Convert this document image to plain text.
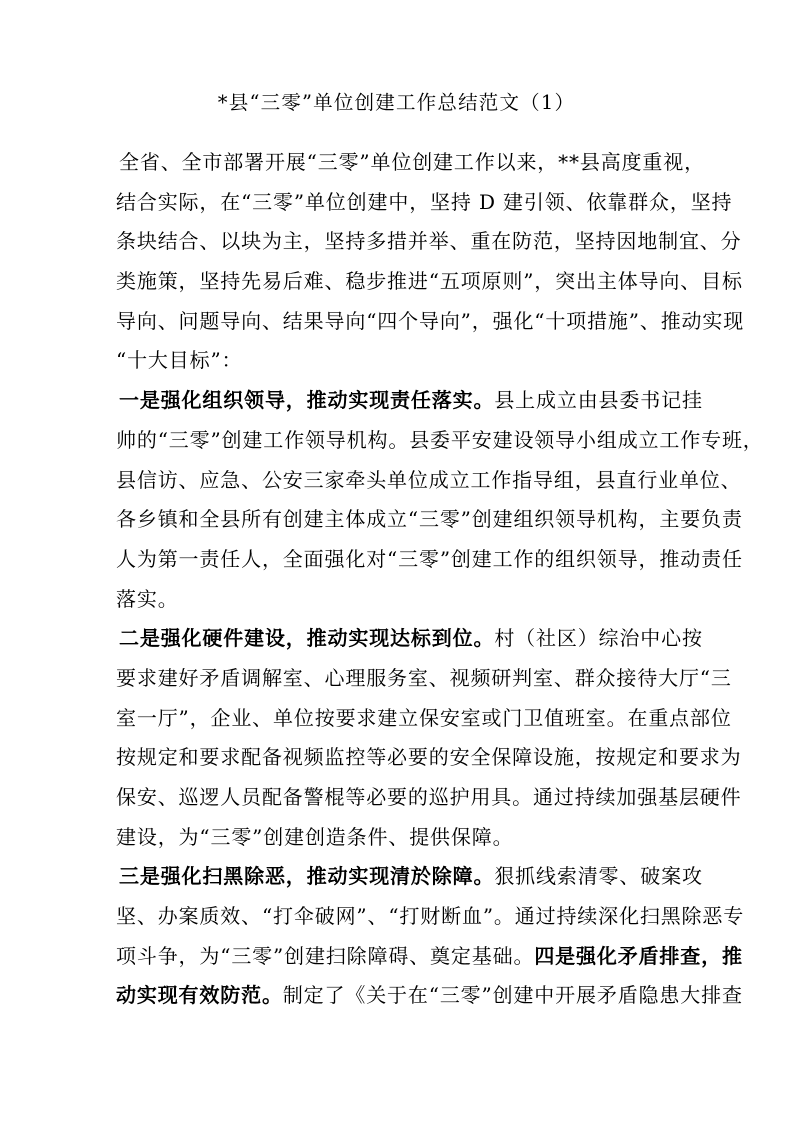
*县“三零”单位创建工作总结范文（1）
全省、全市部署开展“三零”单位创建工作以来，**县高度重视，
结合实际，在“三零”单位创建中，坚持 D 建引领、依靠群众，坚持
条块结合、以块为主，坚持多措并举、重在防范，坚持因地制宜、分
类施策，坚持先易后难、稳步推进“五项原则”，突出主体导向、目标
导向、问题导向、结果导向“四个导向”，强化“十项措施”、推动实现
“十大目标”：
一是强化组织领导，推动实现责任落实。县上成立由县委书记挂
帅的“三零”创建工作领导机构。县委平安建设领导小组成立工作专班，
县信访、应急、公安三家牵头单位成立工作指导组，县直行业单位、
各乡镇和全县所有创建主体成立“三零”创建组织领导机构，主要负责
人为第一责任人，全面强化对“三零”创建工作的组织领导，推动责任
落实。
二是强化硬件建设，推动实现达标到位。村（社区）综治中心按
要求建好矛盾调解室、心理服务室、视频研判室、群众接待大厅“三
室一厅”，企业、单位按要求建立保安室或门卫值班室。在重点部位
按规定和要求配备视频监控等必要的安全保障设施，按规定和要求为
保安、巡逻人员配备警棍等必要的巡护用具。通过持续加强基层硬件
建设，为“三零”创建创造条件、提供保障。
三是强化扫黑除恶，推动实现清於除障。狠抓线索清零、破案攻
坚、办案质效、“打伞破网”、“打财断血”。通过持续深化扫黑除恶专
项斗争，为“三零”创建扫除障碍、奠定基础。四是强化矛盾排查，推
动实现有效防范。制定了《关于在“三零”创建中开展矛盾隐患大排查
